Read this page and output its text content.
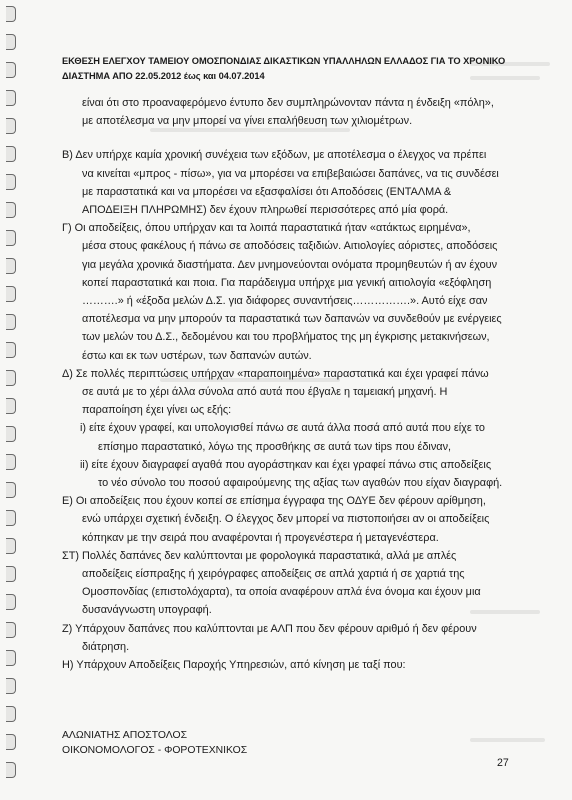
ΕΚΘΕΣΗ ΕΛΕΓΧΟΥ ΤΑΜΕΙΟΥ ΟΜΟΣΠΟΝΔΙΑΣ ΔΙΚΑΣΤΙΚΩΝ ΥΠΑΛΛΗΛΩΝ ΕΛΛΑΔΟΣ ΓΙΑ ΤΟ ΧΡΟΝΙΚΟ
ΔΙΑΣΤΗΜΑ ΑΠΟ 22.05.2012 έως και 04.07.2014
είναι ότι στο προαναφερόμενο έντυπο δεν συμπληρώνονταν πάντα η ένδειξη «πόλη»,
με αποτέλεσμα να μην μπορεί να γίνει επαλήθευση των χιλιομέτρων.
Β) Δεν υπήρχε καμία χρονική συνέχεια των εξόδων, με αποτέλεσμα ο έλεγχος να πρέπει
να κινείται «μπρος - πίσω», για να μπορέσει να επιβεβαιώσει δαπάνες, να τις συνδέσει
με παραστατικά και να μπορέσει να εξασφαλίσει ότι Αποδόσεις (ΕΝΤΑΛΜΑ &
ΑΠΟΔΕΙΞΗ ΠΛΗΡΩΜΗΣ) δεν έχουν πληρωθεί περισσότερες από μία φορά.
Γ) Οι αποδείξεις, όπου υπήρχαν και τα λοιπά παραστατικά ήταν «ατάκτως ειρημένα»,
μέσα στους φακέλους ή πάνω σε αποδόσεις ταξιδιών. Αιτιολογίες αόριστες, αποδόσεις
για μεγάλα χρονικά διαστήματα. Δεν μνημονεύονται ονόματα προμηθευτών ή αν έχουν
κοπεί παραστατικά και ποια. Για παράδειγμα υπήρχε μια γενική αιτιολογία «εξόφληση
……….» ή «έξοδα μελών Δ.Σ. για διάφορες συναντήσεις…………….». Αυτό είχε σαν
αποτέλεσμα να μην μπορούν τα παραστατικά των δαπανών να συνδεθούν με ενέργειες
των μελών του Δ.Σ., δεδομένου και του προβλήματος της μη έγκρισης μετακινήσεων,
έστω και εκ των υστέρων, των δαπανών αυτών.
Δ) Σε πολλές περιπτώσεις υπήρχαν «παραποιημένα» παραστατικά και έχει γραφεί πάνω
σε αυτά με το χέρι άλλα σύνολα από αυτά που έβγαλε η ταμειακή μηχανή. Η
παραποίηση έχει γίνει ως εξής:
i) είτε έχουν γραφεί, και υπολογισθεί πάνω σε αυτά άλλα ποσά από αυτά που είχε το
επίσημο παραστατικό, λόγω της προσθήκης σε αυτά των tips που έδιναν,
ii) είτε έχουν διαγραφεί αγαθά που αγοράστηκαν και έχει γραφεί πάνω στις αποδείξεις
το νέο σύνολο του ποσού αφαιρούμενης της αξίας των αγαθών που είχαν διαγραφή.
Ε) Οι αποδείξεις που έχουν κοπεί σε επίσημα έγγραφα της ΟΔΥΕ δεν φέρουν αρίθμηση,
ενώ υπάρχει σχετική ένδειξη. Ο έλεγχος δεν μπορεί να πιστοποιήσει αν οι αποδείξεις
κόπηκαν με την σειρά που αναφέρονται ή προγενέστερα ή μεταγενέστερα.
ΣΤ) Πολλές δαπάνες δεν καλύπτονται με φορολογικά παραστατικά, αλλά με απλές
αποδείξεις είσπραξης ή χειρόγραφες αποδείξεις σε απλά χαρτιά ή σε χαρτιά της
Ομοσπονδίας (επιστολόχαρτα), τα οποία αναφέρουν απλά ένα όνομα και έχουν μια
δυσανάγνωστη υπογραφή.
Ζ) Υπάρχουν δαπάνες που καλύπτονται με ΑΛΠ που δεν φέρουν αριθμό ή δεν φέρουν
διάτρηση.
Η) Υπάρχουν Αποδείξεις Παροχής Υπηρεσιών, από κίνηση με ταξί που:
ΑΛΩΝΙΑΤΗΣ ΑΠΟΣΤΟΛΟΣ
ΟΙΚΟΝΟΜΟΛΟΓΟΣ - ΦΟΡΟΤΕΧΝΙΚΟΣ
27
